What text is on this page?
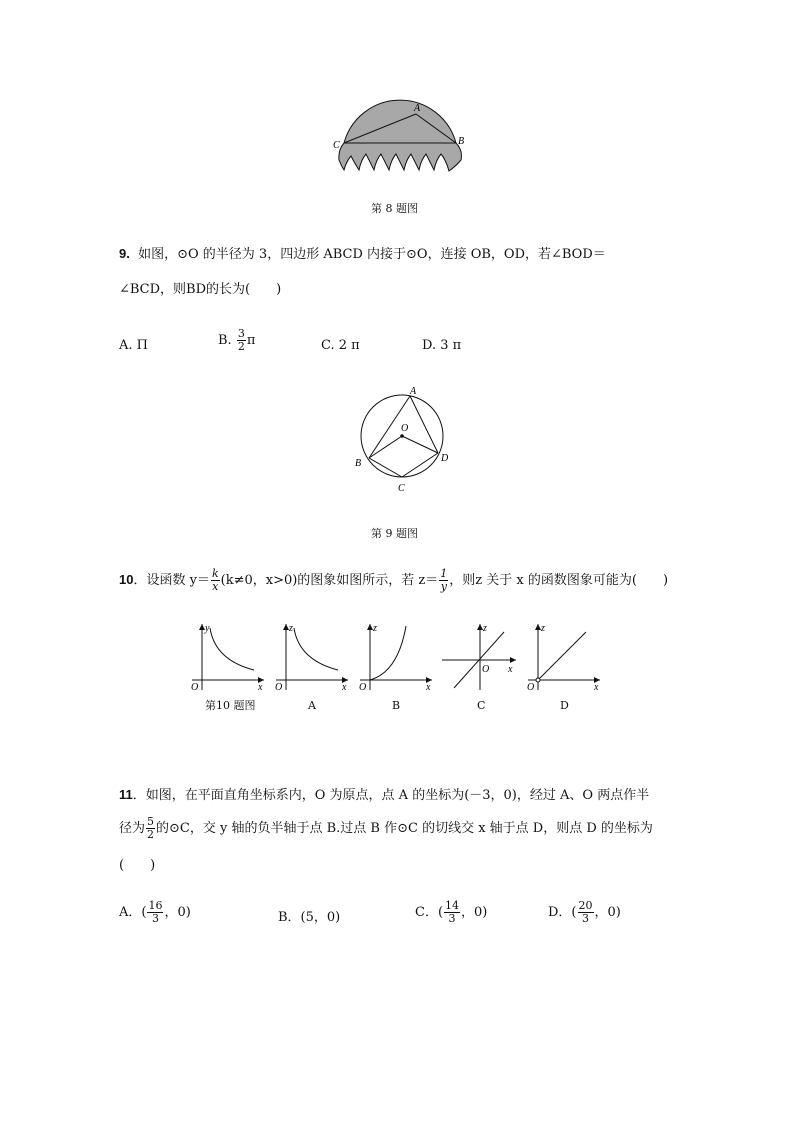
A
B
C
第 8 题图
9. 如图，⊙O 的半径为 3，四边形 ABCD 内接于⊙O，连接 OB，OD，若∠BOD＝
∠BCD，则BD的长为(　　)
A. Π	B. $\frac{3}{2}$ π	C. 2 π	D. 3 π
A
O
B
C
D
第 9 题图
10．设函数 $y= \frac{k}{x} (k\ne 0$，x>0)的图象如图所示，若 $z= \frac{1}{y}$ ，则z 关于 x 的函数图象可能为(　　)
y
x
O
z
x
O
z
x
O
z
x
O
z
x
O
第10 题图	A	B	C	D
11．如图，在平面直角坐标系内，O 为原点，点 A 的坐标为(－3，0)，经过 A、O 两点作半
径为 $\frac{5}{2}$ 的⊙C，交 y 轴的负半轴于点 B.过点 B 作⊙C 的切线交 x 轴于点 D，则点 D 的坐标为
(　　)
A．( $\frac{16}{3}$ ，0)	B．(5，0)	C．( $\frac{14}{3}$ ，0)	D．( $\frac{20}{3}$ ，0)
